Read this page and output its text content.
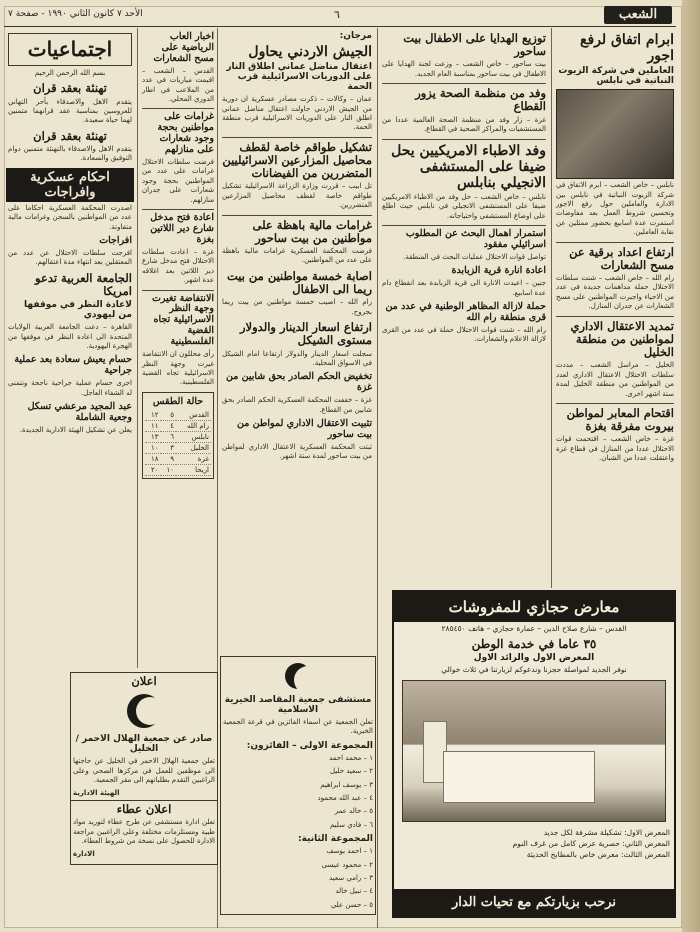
الأحد ٧ كانون الثاني ١٩٩٠ - صفحة ٧	٦	الشعب
ابرام اتفاق لرفع اجور
العاملين في شركة الزيوت النباتية في نابلس
نابلس – خاص الشعب – ابرم الاتفاق في شركة الزيوت النباتية في نابلس بين الادارة والعاملين حول رفع الاجور وتحسين شروط العمل بعد مفاوضات استمرت عدة اسابيع بحضور ممثلين عن نقابة العاملين.
ارتفاع اعداد برقية عن مسح الشعارات
رام الله – خاص الشعب – شنت سلطات الاحتلال حملة مداهمات جديدة في عدد من الاحياء واجبرت المواطنين على مسح الشعارات عن جدران المنازل.
تمديد الاعتقال الاداري لمواطنين من منطقة الخليل
الخليل – مراسل الشعب – مددت سلطات الاحتلال الاعتقال الاداري لعدد من المواطنين من منطقة الخليل لمدة ستة اشهر اخرى.
اقتحام المعابر لمواطن بيروت مفرقة بغزة
غزة – خاص الشعب – اقتحمت قوات الاحتلال عددا من المنازل في قطاع غزة واعتقلت عددا من الشبان.
توزيع الهدايا على الاطفال بيت ساحور
بيت ساحور – خاص الشعب – وزعت لجنة الهدايا على الاطفال في بيت ساحور بمناسبة العام الجديد.
وفد من منظمة الصحة يزور القطاع
غزة – زار وفد من منظمة الصحة العالمية عددا من المستشفيات والمراكز الصحية في القطاع.
وفد الاطباء الامريكيين يحل ضيفا على المستشفى الانجيلي بنابلس
نابلس – خاص الشعب – حل وفد من الاطباء الامريكيين ضيفا على المستشفى الانجيلي في نابلس حيث اطلع على اوضاع المستشفى واحتياجاته.
استمرار اهمال البحث عن المطلوب اسرائيلي مفقود
تواصل قوات الاحتلال عمليات البحث في المنطقة.
اعادة انارة قرية الزبابدة
جنين – اعيدت الانارة الى قرية الزبابدة بعد انقطاع دام عدة اسابيع.
حملة لازالة المظاهر الوطنية في عدد من قرى منطقة رام الله
رام الله – شنت قوات الاحتلال حملة في عدد من القرى لازالة الاعلام والشعارات.
مرجان:
الجيش الاردني يحاول
اعتقال مناضل عماني اطلاق النار على الدوريات الاسرائيلية قرب الحمة
عمان – وكالات – ذكرت مصادر عسكرية ان دورية من الجيش الاردني حاولت اعتقال مناضل عماني اطلق النار على الدوريات الاسرائيلية قرب منطقة الحمة.
تشكيل طواقم خاصة لقطف محاصيل المزارعين الاسرائيليين المتضررين من الفيضانات
تل ابيب – قررت وزارة الزراعة الاسرائيلية تشكيل طواقم خاصة لقطف محاصيل المزارعين المتضررين.
غرامات مالية باهظة على مواطنين من بيت ساحور
فرضت المحكمة العسكرية غرامات مالية باهظة على عدد من المواطنين.
اصابة خمسة مواطنين من بيت ريما الى الاطفال
رام الله – اصيب خمسة مواطنين من بيت ريما بجروح.
ارتفاع اسعار الدينار والدولار مستوى الشيكل
سجلت اسعار الدينار والدولار ارتفاعا امام الشيكل في الاسواق المحلية.
تخفيض الحكم الصادر بحق شابين من غزة
غزة – خففت المحكمة العسكرية الحكم الصادر بحق شابين من القطاع.
تثبيت الاعتقال الاداري لمواطن من بيت ساحور
ثبتت المحكمة العسكرية الاعتقال الاداري لمواطن من بيت ساحور لمدة ستة اشهر.
اخبار العاب الرياضية على مسح الشعارات
القدس – الشعب – اقيمت مباريات في عدد من الملاعب في اطار الدوري المحلي.
غرامات على مواطنين بحجة وجود شعارات على منازلهم
فرضت سلطات الاحتلال غرامات على عدد من المواطنين بحجة وجود شعارات على جدران منازلهم.
اعادة فتح مدخل شارع دير اللاتين بغزة
غزة – اعادت سلطات الاحتلال فتح مدخل شارع دير اللاتين بعد اغلاقه عدة اشهر.
الانتفاضة تغيرت وجهة النظر الاسرائيلية تجاه القضية الفلسطينية
رأى محللون ان الانتفاضة غيرت وجهة النظر الاسرائيلية تجاه القضية الفلسطينية.
حالة الطقس
القدس	٥	١٢
رام الله	٤	١١
نابلس	٦	١٣
الخليل	٣	١٠
غزة	٩	١٨
اريحا	١٠	٢٠
اجتماعيات
بسم الله الرحمن الرحيم
تهنئة بعقد قران
يتقدم الاهل والاصدقاء بأحر التهاني للعروسين بمناسبة عقد قرانهما متمنين لهما حياة سعيدة.
تهنئة بعقد قران
يتقدم الاهل والاصدقاء بالتهنئة متمنين دوام التوفيق والسعادة.
احكام عسكرية وافراجات
اصدرت المحكمة العسكرية احكاما على عدد من المواطنين بالسجن وغرامات مالية متفاوتة.
افراجات
افرجت سلطات الاحتلال عن عدد من المعتقلين بعد انتهاء مدة اعتقالهم.
الجامعة العربية تدعو امريكا
لاعادة النظر في موقفها من ليهودي
القاهرة – دعت الجامعة العربية الولايات المتحدة الى اعادة النظر في موقفها من الهجرة اليهودية.
حسام يعيش سعادة بعد عملية جراحية
اجرى حسام عملية جراحية ناجحة ونتمنى له الشفاء العاجل.
عبد المجيد مرعشي تسكل وجعية الشاملة
يعلن عن تشكيل الهيئة الادارية الجديدة.
اعلان
صادر عن جمعية الهلال الاحمر / الخليل
تعلن جمعية الهلال الاحمر في الخليل عن حاجتها الى موظفين للعمل في مركزها الصحي وعلى الراغبين التقدم بطلباتهم الى مقر الجمعية.
الهيئة الادارية
اعلان عطاء
تعلن ادارة مستشفى عن طرح عطاء لتوريد مواد طبية ومستلزمات مختلفة وعلى الراغبين مراجعة الادارة للحصول على نسخة من شروط العطاء.
الادارة
مستشفى جمعية المقاصد الخيرية الاسلامية
تعلن الجمعية عن اسماء الفائزين في قرعة الجمعية الخيرية.
المجموعة الاولى – الفائزون:
١ – محمد احمد
٢ – سعيد خليل
٣ – يوسف ابراهيم
٤ – عبد الله محمود
٥ – خالد عمر
٦ – فادي سليم
المجموعة الثانية:
١ – احمد يوسف
٢ – محمود عيسى
٣ – رامي سعيد
٤ – نبيل خالد
٥ – حسن علي
معارض حجازي للمفروشات
القدس – شارع صلاح الدين – عمارة حجازي – هاتف ٢٨٥٤٥٠
٣٥ عاما في خدمة الوطن
المعرض الاول والرائد الاول
نوفر الجديد لمواصلة حجزنا وندعوكم لزيارتنا في ثلاث خوالي
المعرض الاول: تشكيلة مشرفة لكل جديد
المعرض الثاني: حصرية عرض كامل من غرف النوم
المعرض الثالث: معرض خاص بالمطابخ الحديثة
نرحب بزيارتكم مع تحيات الدار
